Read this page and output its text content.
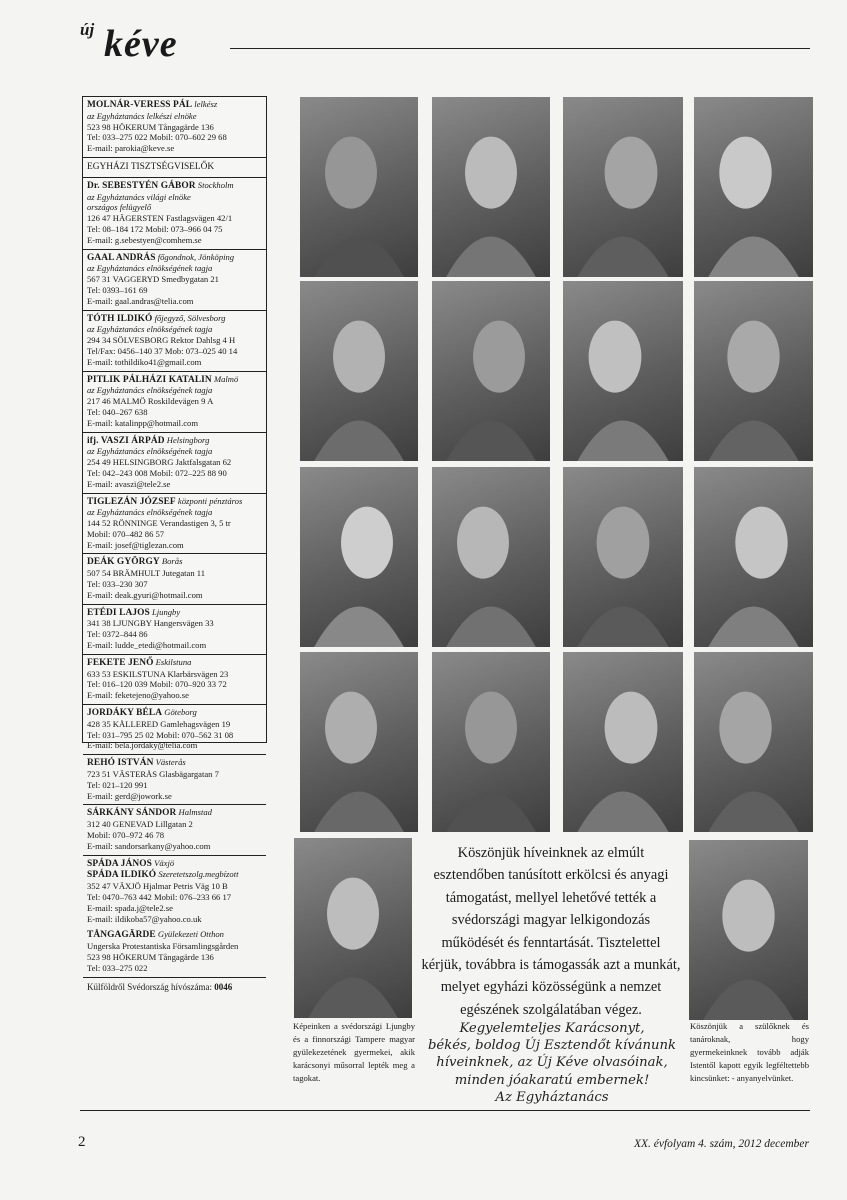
új kéve
MOLNÁR-VERESS PÁL lelkész
az Egyháztanács lelkészi elnöke
523 98 HÖKERUM Tångagärde 136
Tel: 033–275 022 Mobil: 070–602 29 68
E-mail: parokia@keve.se
EGYHÁZI TISZTSÉGVISELŐK
Dr. SEBESTYÉN GÁBOR Stockholm
az Egyháztanács világi elnöke
országos felügyelő
126 47 HÄGERSTEN Fastlagsvägen 42/1
Tel: 08–184 172 Mobil: 073–966 04 75
E-mail: g.sebestyen@comhem.se
GAAL ANDRÁS főgondnok, Jönköping
az Egyháztanács elnökségének tagja
567 31 VAGGERYD Smedbygatan 21
Tel: 0393–161 69
E-mail: gaal.andras@telia.com
TÓTH ILDIKÓ főjegyző, Sölvesborg
az Egyháztanács elnökségének tagja
294 34 SÖLVESBORG Rektor Dahlsg 4 H
Tel/Fax: 0456–140 37 Mob: 073–025 40 14
E-mail: tothildiko41@gmail.com
PITLIK PÁLHÁZI KATALIN Malmö
az Egyháztanács elnökségének tagja
217 46 MALMÖ Roskildevägen 9 A
Tel: 040–267 638
E-mail: katalinpp@hotmail.com
ifj. VASZI ÁRPÁD Helsingborg
az Egyháztanács elnökségének tagja
254 49 HELSINGBORG Jaktfalsgatan 62
Tel: 042–243 008 Mobil: 072–225 88 90
E-mail: avaszi@tele2.se
TIGLEZÁN JÓZSEF központi pénztáros
az Egyháztanács elnökségének tagja
144 52 RÖNNINGE Verandastigen 3, 5 tr
Mobil: 070–482 86 57
E-mail: josef@tiglezan.com
DEÁK GYÖRGY Borås
507 54 BRÄMHULT Jutegatan 11
Tel: 033–230 307
E-mail: deak.gyuri@hotmail.com
ETÉDI LAJOS Ljungby
341 38 LJUNGBY Hangersvägen 33
Tel: 0372–844 86
E-mail: ludde_etedi@hotmail.com
FEKETE JENŐ Eskilstuna
633 53 ESKILSTUNA Klarbärsvägen 23
Tel: 016–120 039 Mobil: 070–920 33 72
E-mail: feketejeno@yahoo.se
JORDÁKY BÉLA Göteborg
428 35 KÅLLERED Gamlehagsvägen 19
Tel: 031–795 25 02 Mobil: 070–562 31 08
E-mail: bela.jordaky@telia.com
REHÓ ISTVÁN Västerås
723 51 VÄSTERÅS Glasbägargatan 7
Tel: 021–120 991
E-mail: gerd@jowork.se
SÁRKÁNY SÁNDOR Halmstad
312 40 GENEVAD Lillgatan 2
Mobil: 070–972 46 78
E-mail: sandorsarkany@yahoo.com
SPÁDA JÁNOS Växjö
SPÁDA ILDIKÓ Szeretetszolg.megbízott
352 47 VÄXJÖ Hjalmar Petris Väg 10 B
Tel: 0470–763 442 Mobil: 076–233 66 17
E-mail: spada.j@tele2.se
E-mail: ildikoba57@yahoo.co.uk
TÅNGAGÄRDE Gyülekezeti Otthon
Ungerska Protestantiska Församlingsgården
523 98 HÖKERUM Tångagärde 136
Tel: 033–275 022
Külföldről Svédország hívószáma: 0046
Köszönjük híveinknek az elmúlt esztendőben tanúsított erkölcsi és anyagi támogatást, mellyel lehetővé tették a svédországi magyar lelkigondozás működését és fenntartását. Tisztelettel kérjük, továbbra is támogassák azt a munkát, melyet egyházi közösségünk a nemzet egészének szolgálatában végez.
Kegyelemteljes Karácsonyt,
békés, boldog Új Esztendőt kívánunk
híveinknek, az Új Kéve olvasóinak,
minden jóakaratú embernek!
Az Egyháztanács
Képeinken a svédországi Ljungby és a finnországi Tampere magyar gyülekezetének gyermekei, akik karácsonyi műsorral lepték meg a tagokat.
Köszönjük a szülőknek és tanároknak, hogy gyermekeinknek tovább adják Istentől kapott egyik legféltettebb kincsünket: - anyanyelvünket.
2	XX. évfolyam 4. szám, 2012 december
